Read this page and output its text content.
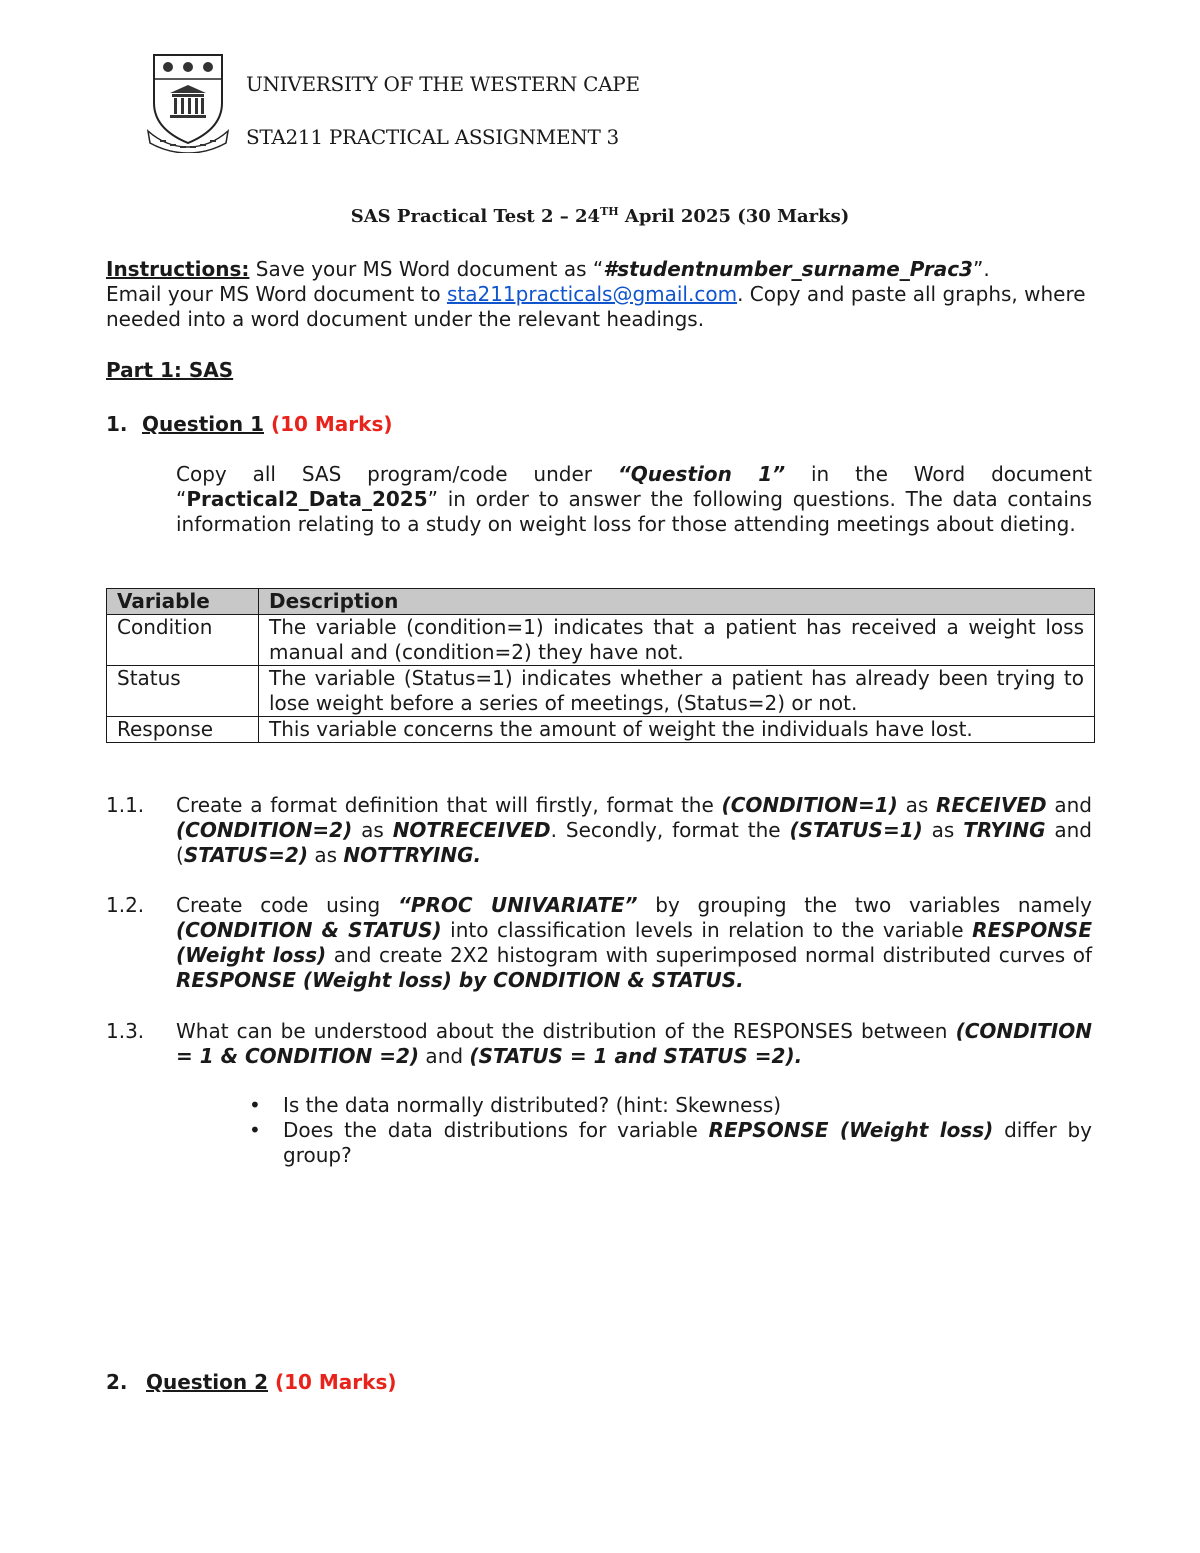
UNIVERSITY OF THE WESTERN CAPE
STA211 PRACTICAL ASSIGNMENT 3
SAS Practical Test 2 – 24TH April 2025 (30 Marks)
Instructions: Save your MS Word document as “#studentnumber_surname_Prac3”.
Email your MS Word document to sta211practicals@gmail.com. Copy and paste all graphs, where needed into a word document under the relevant headings.
Part 1: SAS
1. Question 1 (10 Marks)
Copy all SAS program/code under “Question 1” in the Word document “Practical2_Data_2025” in order to answer the following questions. The data contains information relating to a study on weight loss for those attending meetings about dieting.
Variable	Description
Condition	The variable (condition=1) indicates that a patient has received a weight loss manual and (condition=2) they have not.
Status	The variable (Status=1) indicates whether a patient has already been trying to lose weight before a series of meetings, (Status=2) or not.
Response	This variable concerns the amount of weight the individuals have lost.
1.1. Create a format definition that will firstly, format the (CONDITION=1) as RECEIVED and (CONDITION=2) as NOTRECEIVED. Secondly, format the (STATUS=1) as TRYING and (STATUS=2) as NOTTRYING.
1.2. Create code using “PROC UNIVARIATE” by grouping the two variables namely (CONDITION & STATUS) into classification levels in relation to the variable RESPONSE (Weight loss) and create 2X2 histogram with superimposed normal distributed curves of RESPONSE (Weight loss) by CONDITION & STATUS.
1.3. What can be understood about the distribution of the RESPONSES between (CONDITION = 1 & CONDITION =2) and (STATUS = 1 and STATUS =2).
• Is the data normally distributed? (hint: Skewness)
• Does the data distributions for variable REPSONSE (Weight loss) differ by group?
2. Question 2 (10 Marks)
